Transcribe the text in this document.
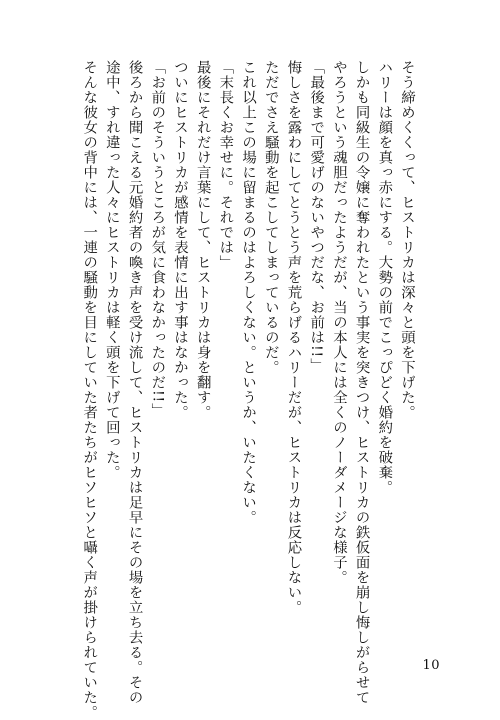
そう締めくくって、ヒストリカは深々と頭を下げた。
ハリーは顔を真っ赤にする。大勢の前でこっぴどく婚約を破棄。
しかも同級生の令嬢に奪われたという事実を突きつけ、ヒストリカの鉄仮面を崩し悔しがらせて
やろうという魂胆だったようだが、当の本人には全くのノーダメージな様子。
「最後まで可愛げのないやつだな、お前は!!」
悔しさを露わにしてとうとう声を荒らげるハリーだが、ヒストリカは反応しない。
ただでさえ騒動を起こしてしまっているのだ。
これ以上この場に留まるのはよろしくない。というか、いたくない。
「末長くお幸せに。それでは」
最後にそれだけ言葉にして、ヒストリカは身を翻す。
ついにヒストリカが感情を表情に出す事はなかった。
「お前のそういうところが気に食わなかったのだ!!」
後ろから聞こえる元婚約者の喚き声を受け流して、ヒストリカは足早にその場を立ち去る。その
途中、すれ違った人々にヒストリカは軽く頭を下げて回った。
そんな彼女の背中には、一連の騒動を目にしていた者たちがヒソヒソと囁く声が掛けられていた。	10
